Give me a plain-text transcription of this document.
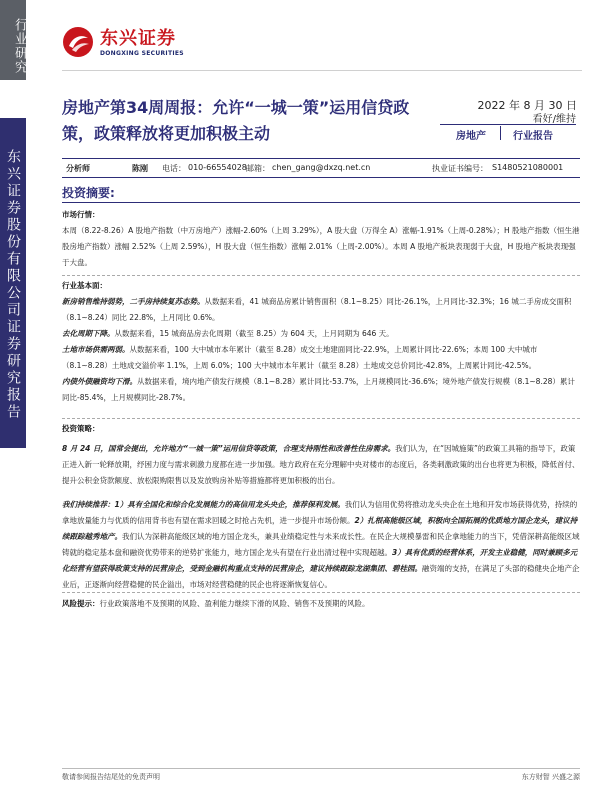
行业研究
东兴证券股份有限公司证券研究报告
东兴证券
DONGXING SECURITIES
房地产第34周周报：允许“一城一策”运用信贷政策，政策释放将更加积极主动
2022 年 8 月 30 日
看好/维持
房地产	行业报告
分析师	陈刚 电话： 010-66554028 邮箱： chen_gang@dxzq.net.cn	执业证书编号： S1480521080001
投资摘要:
市场行情：
本周（8.22-8.26）A 股地产指数（中万房地产）涨幅-2.60%（上周 3.29%），A 股大盘（万得全 A）涨幅-1.91%（上周-0.28%）；H 股地产指数（恒生港股房地产指数）涨幅 2.52%（上周 2.59%），H 股大盘（恒生指数）涨幅 2.01%（上周-2.00%）。本周 A 股地产板块表现弱于大盘，H 股地产板块表现强于大盘。
行业基本面：
新房销售维持弱势，二手房持续复苏态势。从数据来看，41 城商品房累计销售面积（8.1~8.25）同比-26.1%，上月同比-32.3%；16 城二手房成交面积（8.1~8.24）同比 22.8%，上月同比 0.6%。
去化周期下降。从数据来看，15 城商品房去化周期（截至 8.25）为 604 天，上月同期为 646 天。
土地市场供需两弱。从数据来看，100 大中城市本年累计（截至 8.28）成交土地建面同比-22.9%，上周累计同比-22.6%；本周 100 大中城市（8.1~8.28）土地成交溢价率 1.1%，上周 6.0%；100 大中城市本年累计（截至 8.28）土地成交总价同比-42.8%，上周累计同比-42.5%。
内债外债融资均下滑。从数据来看，境内地产债发行规模（8.1~8.28）累计同比-53.7%，上月规模同比-36.6%；境外地产债发行规模（8.1~8.28）累计同比-85.4%，上月规模同比-28.7%。
投资策略：
8 月 24 日，国常会提出，允许地方“一城一策”运用信贷等政策，合理支持刚性和改善性住房需求。我们认为，在“因城施策”的政策工具箱的指导下，政策正进入新一轮释放期，纾困力度与需求刺激力度都在进一步加强。地方政府在充分理解中央对楼市的态度后，各类刺激政策的出台也将更为积极，降低首付、提升公积金贷款额度、放松限购限售以及发放购房补贴等措施都将更加积极的出台。
我们持续推荐：1）具有全国化和综合化发展能力的高信用龙头央企，推荐保利发展。我们认为信用优势将推动龙头央企在土地和开发市场获得优势，持续的拿地放量能力与优质的信用背书也有望在需求回暖之时抢占先机，进一步提升市场份额。2）扎根高能级区域，积极向全国拓展的优质地方国企龙头，建议持续跟踪越秀地产。我们认为深耕高能级区域的地方国企龙头，兼具业绩稳定性与未来成长性。在民企大规模暴雷和民企拿地能力的当下，凭借深耕高能级区域铸就的稳定基本盘和融资优势带来的逆势扩张能力，地方国企龙头有望在行业出清过程中实现超越。3）具有优质的经营体系，开发主业稳健，同时兼顾多元化经营有望获得政策支持的民营房企，受到金融机构重点支持的民营房企，建议持续跟踪龙湖集团、碧桂园。融资端的支持，在满足了头部的稳健央企地产企业后，正逐渐向经营稳健的民企溢出，市场对经营稳健的民企也将逐渐恢复信心。
风险提示：行业政策落地不及预期的风险、盈利能力继续下滑的风险、销售不及预期的风险。
敬请参阅报告结尾处的免责声明	东方财智 兴盛之源
